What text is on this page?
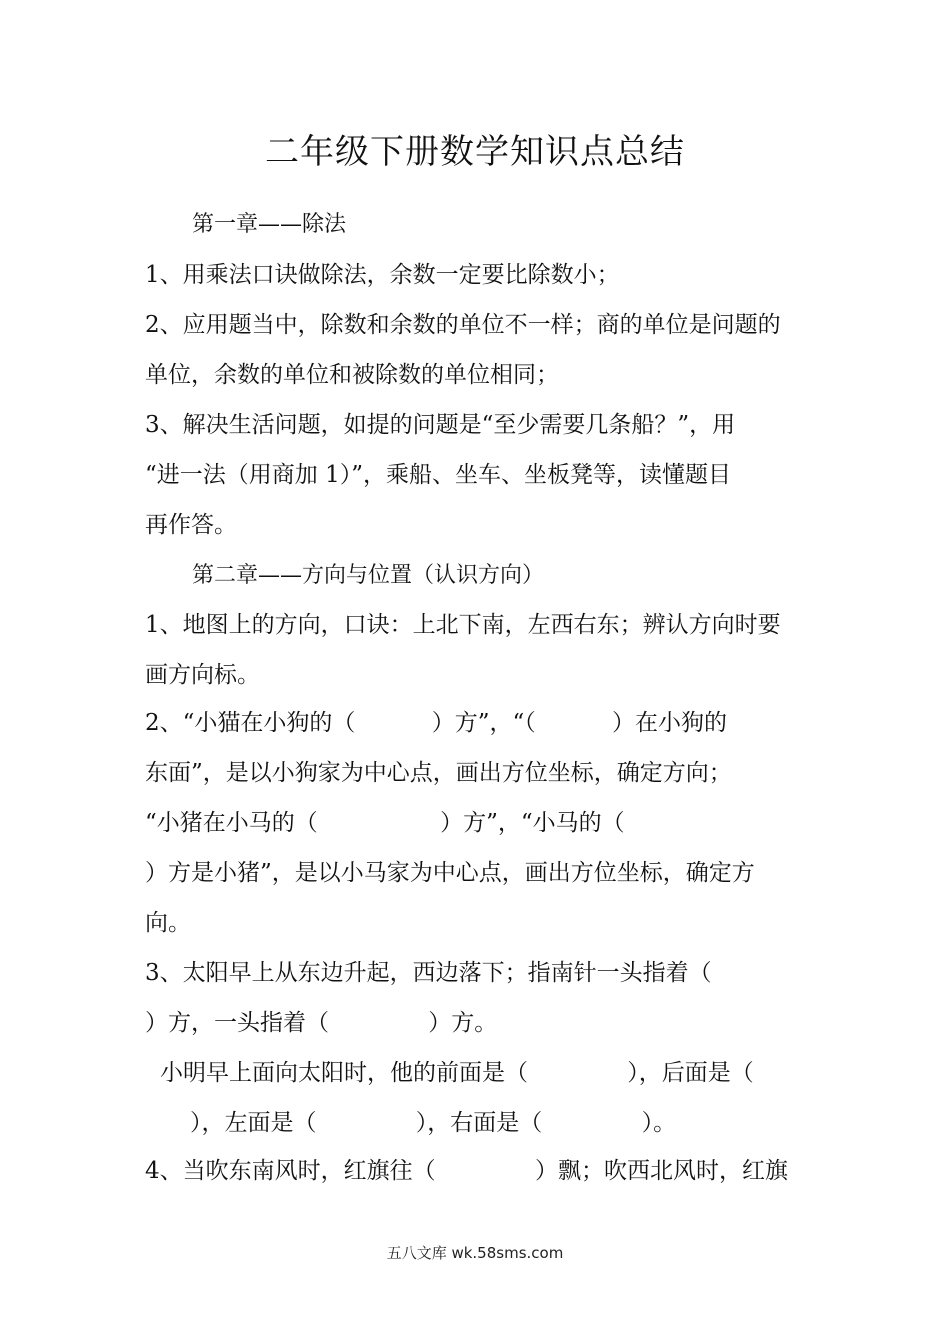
二年级下册数学知识点总结
第一章——除法
1、用乘法口诀做除法，余数一定要比除数小；
2、应用题当中，除数和余数的单位不一样；商的单位是问题的
单位，余数的单位和被除数的单位相同；
3、解决生活问题，如提的问题是“至少需要几条船？”，用
“进一法（用商加 1）”，乘船、坐车、坐板凳等，读懂题目
再作答。
第二章——方向与位置（认识方向）
1、地图上的方向，口诀：上北下南，左西右东；辨认方向时要
画方向标。
2、“小猫在小狗的（　　　 ）方”，“（　　　 ）在小狗的
东面”，是以小狗家为中心点，画出方位坐标，确定方向；
“小猪在小马的（　　　　　 ）方”，“小马的（
）方是小猪”，是以小马家为中心点，画出方位坐标，确定方
向。
3、太阳早上从东边升起，西边落下；指南针一头指着（
）方，一头指着（　　　　 ）方。
小明早上面向太阳时，他的前面是（　　　　 ），后面是（
），左面是（　　　　 ），右面是（　　　　 ）。
4、当吹东南风时，红旗往（　　　　 ）飘；吹西北风时，红旗
五八文库 wk.58sms.com
